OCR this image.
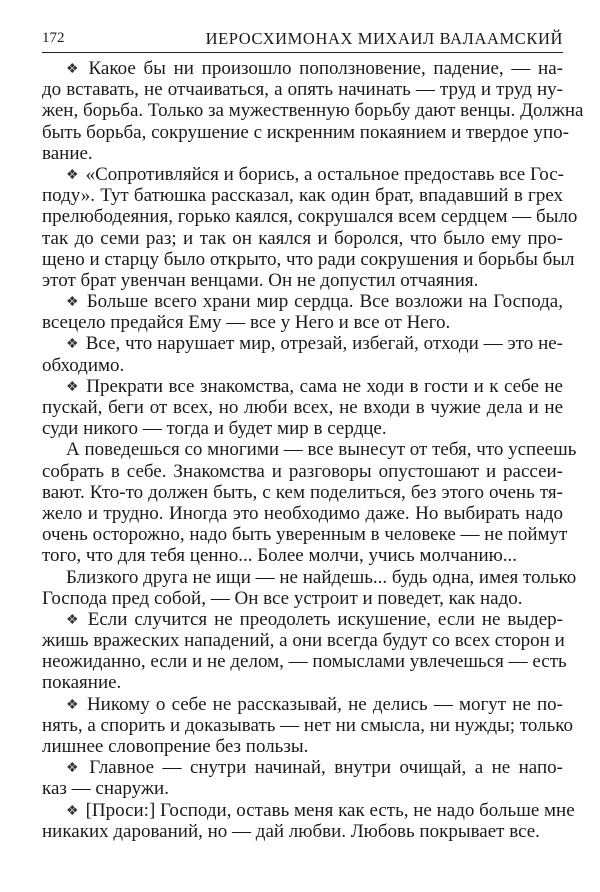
172	ИЕРОСХИМОНАХ МИХАИЛ ВАЛААМСКИЙ
❖ Какое бы ни произошло поползновение, падение, — на-
до вставать, не отчаиваться, а опять начинать — труд и труд ну-
жен, борьба. Только за мужественную борьбу дают венцы. Должна
быть борьба, сокрушение с искренним покаянием и твердое упо-
вание.
❖ «Сопротивляйся и борись, а остальное предоставь все Гос-
поду». Тут батюшка рассказал, как один брат, впадавший в грех
прелюбодеяния, горько каялся, сокрушался всем сердцем — было
так до семи раз; и так он каялся и боролся, что было ему про-
щено и старцу было открыто, что ради сокрушения и борьбы был
этот брат увенчан венцами. Он не допустил отчаяния.
❖ Больше всего храни мир сердца. Все возложи на Господа,
всецело предайся Ему — все у Него и все от Него.
❖ Все, что нарушает мир, отрезай, избегай, отходи — это не-
обходимо.
❖ Прекрати все знакомства, сама не ходи в гости и к себе не
пускай, беги от всех, но люби всех, не входи в чужие дела и не
суди никого — тогда и будет мир в сердце.
А поведешься со многими — все вынесут от тебя, что успеешь
собрать в себе. Знакомства и разговоры опустошают и рассеи-
вают. Кто-то должен быть, с кем поделиться, без этого очень тя-
жело и трудно. Иногда это необходимо даже. Но выбирать надо
очень осторожно, надо быть уверенным в человеке — не поймут
того, что для тебя ценно... Более молчи, учись молчанию...
Близкого друга не ищи — не найдешь... будь одна, имея только
Господа пред собой, — Он все устроит и поведет, как надо.
❖ Если случится не преодолеть искушение, если не выдер-
жишь вражеских нападений, а они всегда будут со всех сторон и
неожиданно, если и не делом, — помыслами увлечешься — есть
покаяние.
❖ Никому о себе не рассказывай, не делись — могут не по-
нять, а спорить и доказывать — нет ни смысла, ни нужды; только
лишнее словопрение без пользы.
❖ Главное — снутри начинай, внутри очищай, а не напо-
каз — снаружи.
❖ [Проси:] Господи, оставь меня как есть, не надо больше мне
никаких дарований, но — дай любви. Любовь покрывает все.
